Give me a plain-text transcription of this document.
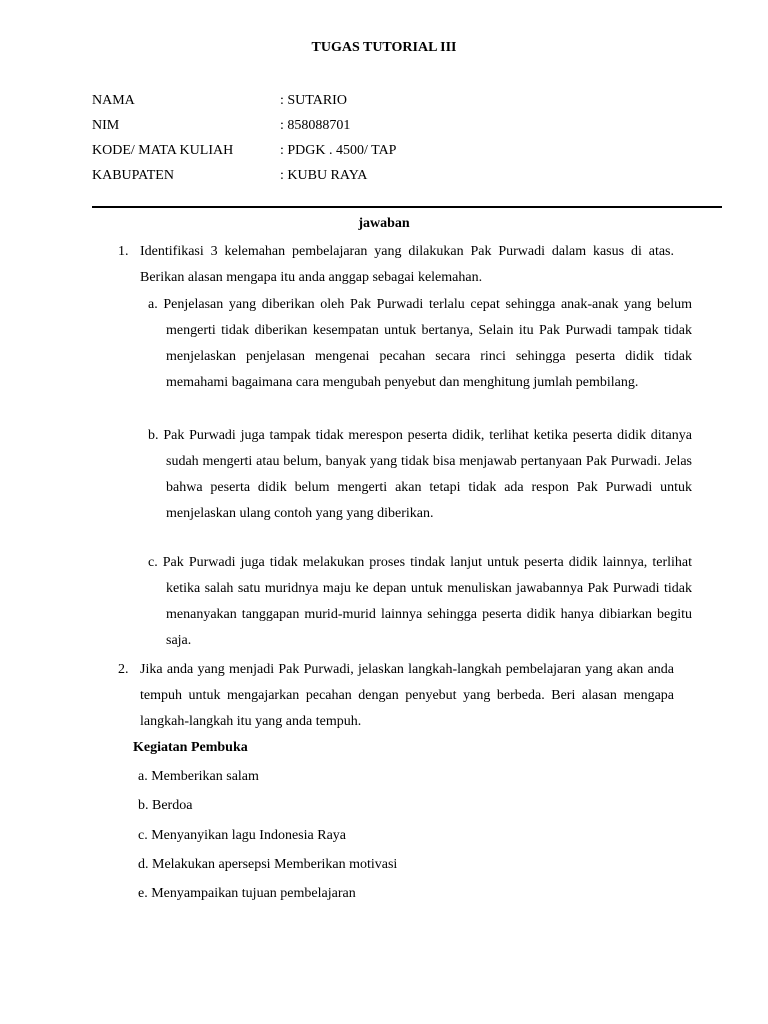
TUGAS TUTORIAL III
NAMA	: SUTARIO
NIM	: 858088701
KODE/ MATA KULIAH	: PDGK . 4500/ TAP
KABUPATEN	: KUBU RAYA
jawaban
1. Identifikasi 3 kelemahan pembelajaran yang dilakukan Pak Purwadi dalam kasus di atas. Berikan alasan mengapa itu anda anggap sebagai kelemahan.
a. Penjelasan yang diberikan oleh Pak Purwadi terlalu cepat sehingga anak-anak yang belum mengerti tidak diberikan kesempatan untuk bertanya, Selain itu Pak Purwadi tampak tidak menjelaskan penjelasan mengenai pecahan secara rinci sehingga peserta didik tidak memahami bagaimana cara mengubah penyebut dan menghitung jumlah pembilang.
b. Pak Purwadi juga tampak tidak merespon peserta didik, terlihat ketika peserta didik ditanya sudah mengerti atau belum, banyak yang tidak bisa menjawab pertanyaan Pak Purwadi. Jelas bahwa peserta didik belum mengerti akan tetapi tidak ada respon Pak Purwadi untuk menjelaskan ulang contoh yang yang diberikan.
c. Pak Purwadi juga tidak melakukan proses tindak lanjut untuk peserta didik lainnya, terlihat ketika salah satu muridnya maju ke depan untuk menuliskan jawabannya Pak Purwadi tidak menanyakan tanggapan murid-murid lainnya sehingga peserta didik hanya dibiarkan begitu saja.
2. Jika anda yang menjadi Pak Purwadi, jelaskan langkah-langkah pembelajaran yang akan anda tempuh untuk mengajarkan pecahan dengan penyebut yang berbeda. Beri alasan mengapa langkah-langkah itu yang anda tempuh.
Kegiatan Pembuka
a. Memberikan salam
b. Berdoa
c. Menyanyikan lagu Indonesia Raya
d. Melakukan apersepsi Memberikan motivasi
e. Menyampaikan tujuan pembelajaran
